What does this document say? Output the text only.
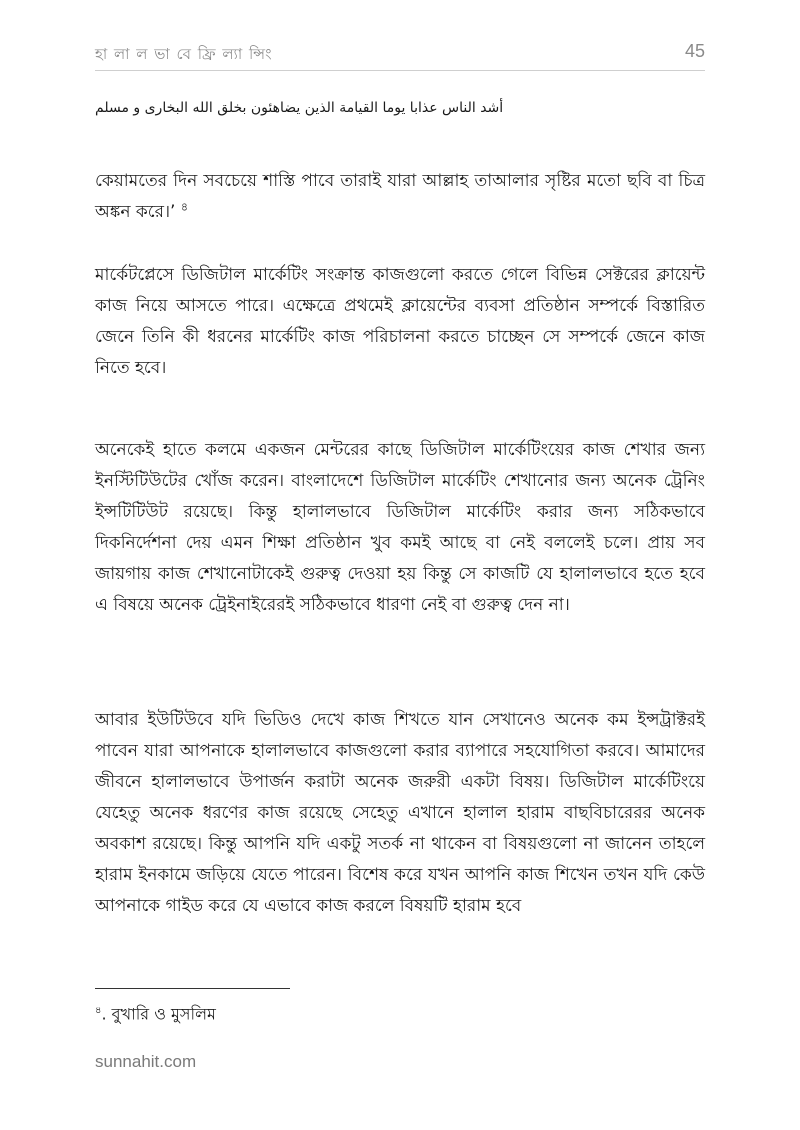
হা লা ল ভা বে ফ্রি ল্যা ন্সিং	45
أشد الناس عذابا يوما القيامة الذين يضاهئون بخلق الله البخارى و مسلم

কেয়ামতের দিন সবচেয়ে শাস্তি পাবে তারাই যারা আল্লাহ তাআলার সৃষ্টির মতো ছবি বা চিত্র অঙ্কন করে।’ $^৪$

মার্কেটপ্লেসে ডিজিটাল মার্কেটিং সংক্রান্ত কাজগুলো করতে গেলে বিভিন্ন সেক্টরের ক্লায়েন্ট কাজ নিয়ে আসতে পারে। এক্ষেত্রে প্রথমেই ক্লায়েন্টের ব্যবসা প্রতিষ্ঠান সম্পর্কে বিস্তারিত জেনে তিনি কী ধরনের মার্কেটিং কাজ পরিচালনা করতে চাচ্ছেন সে সম্পর্কে জেনে কাজ নিতে হবে।

অনেকেই হাতে কলমে একজন মেন্টরের কাছে ডিজিটাল মার্কেটিংয়ের কাজ শেখার জন্য ইনস্টিটিউটের খোঁজ করেন। বাংলাদেশে ডিজিটাল মার্কেটিং শেখানোর জন্য অনেক ট্রেনিং ইন্সটিটিউট রয়েছে। কিন্তু হালালভাবে ডিজিটাল মার্কেটিং করার জন্য সঠিকভাবে দিকনির্দেশনা দেয় এমন শিক্ষা প্রতিষ্ঠান খুব কমই আছে বা নেই বললেই চলে। প্রায় সব জায়গায় কাজ শেখানোটাকেই গুরুত্ব দেওয়া হয় কিন্তু সে কাজটি যে হালালভাবে হতে হবে এ বিষয়ে অনেক ট্রেইনাইরেরই সঠিকভাবে ধারণা নেই বা গুরুত্ব দেন না।

আবার ইউটিউবে যদি ভিডিও দেখে কাজ শিখতে যান সেখানেও অনেক কম ইন্সট্রাক্টরই পাবেন যারা আপনাকে হালালভাবে কাজগুলো করার ব্যাপারে সহযোগিতা করবে। আমাদের জীবনে হালালভাবে উপার্জন করাটা অনেক জরুরী একটা বিষয়। ডিজিটাল মার্কেটিংয়ে যেহেতু অনেক ধরণের কাজ রয়েছে সেহেতু এখানে হালাল হারাম বাছবিচারেরর অনেক অবকাশ রয়েছে। কিন্তু আপনি যদি একটু সতর্ক না থাকেন বা বিষয়গুলো না জানেন তাহলে হারাম ইনকামে জড়িয়ে যেতে পারেন। বিশেষ করে যখন আপনি কাজ শিখেন তখন যদি কেউ আপনাকে গাইড করে যে এভাবে কাজ করলে বিষয়টি হারাম হবে

$^৪$. বুখারি ও মুসলিম
sunnahit.com
